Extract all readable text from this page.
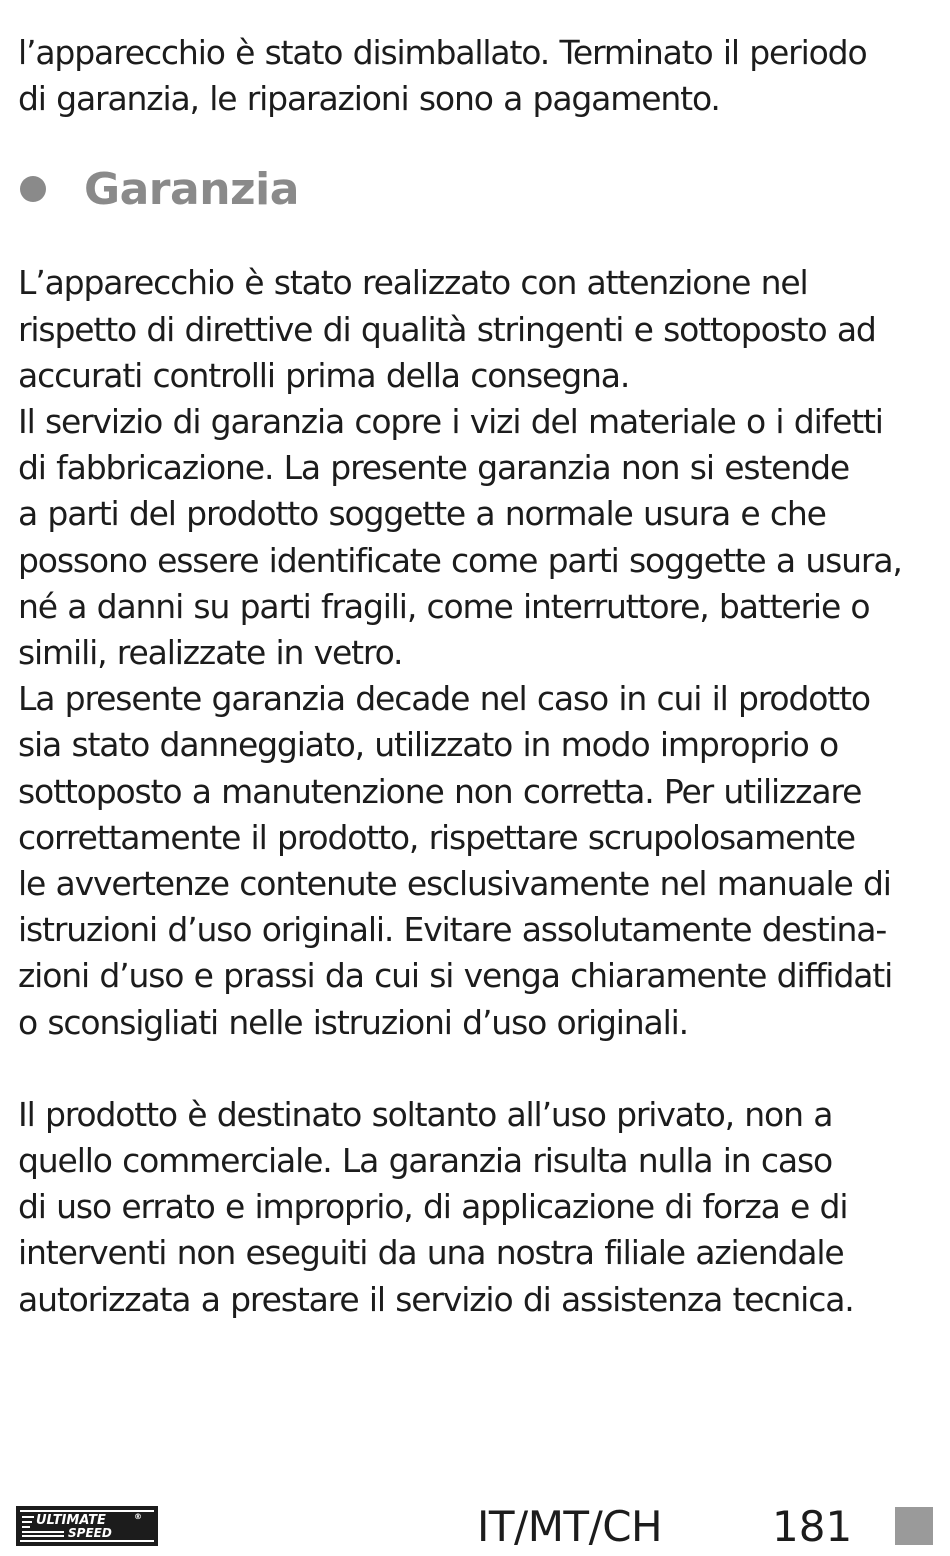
l’apparecchio è stato disimballato. Terminato il periodo
di garanzia, le riparazioni sono a pagamento.

Garanzia

L’apparecchio è stato realizzato con attenzione nel
rispetto di direttive di qualità stringenti e sottoposto ad
accurati controlli prima della consegna.
Il servizio di garanzia copre i vizi del materiale o i difetti
di fabbricazione. La presente garanzia non si estende
a parti del prodotto soggette a normale usura e che
possono essere identificate come parti soggette a usura,
né a danni su parti fragili, come interruttore, batterie o
simili, realizzate in vetro.
La presente garanzia decade nel caso in cui il prodotto
sia stato danneggiato, utilizzato in modo improprio o
sottoposto a manutenzione non corretta. Per utilizzare
correttamente il prodotto, rispettare scrupolosamente
le avvertenze contenute esclusivamente nel manuale di
istruzioni d’uso originali. Evitare assolutamente destina-
zioni d’uso e prassi da cui si venga chiaramente diffidati
o sconsigliati nelle istruzioni d’uso originali.

Il prodotto è destinato soltanto all’uso privato, non a
quello commerciale. La garanzia risulta nulla in caso
di uso errato e improprio, di applicazione di forza e di
interventi non eseguiti da una nostra filiale aziendale
autorizzata a prestare il servizio di assistenza tecnica.

ULTIMATE
SPEED
®	IT/MT/CH	181
